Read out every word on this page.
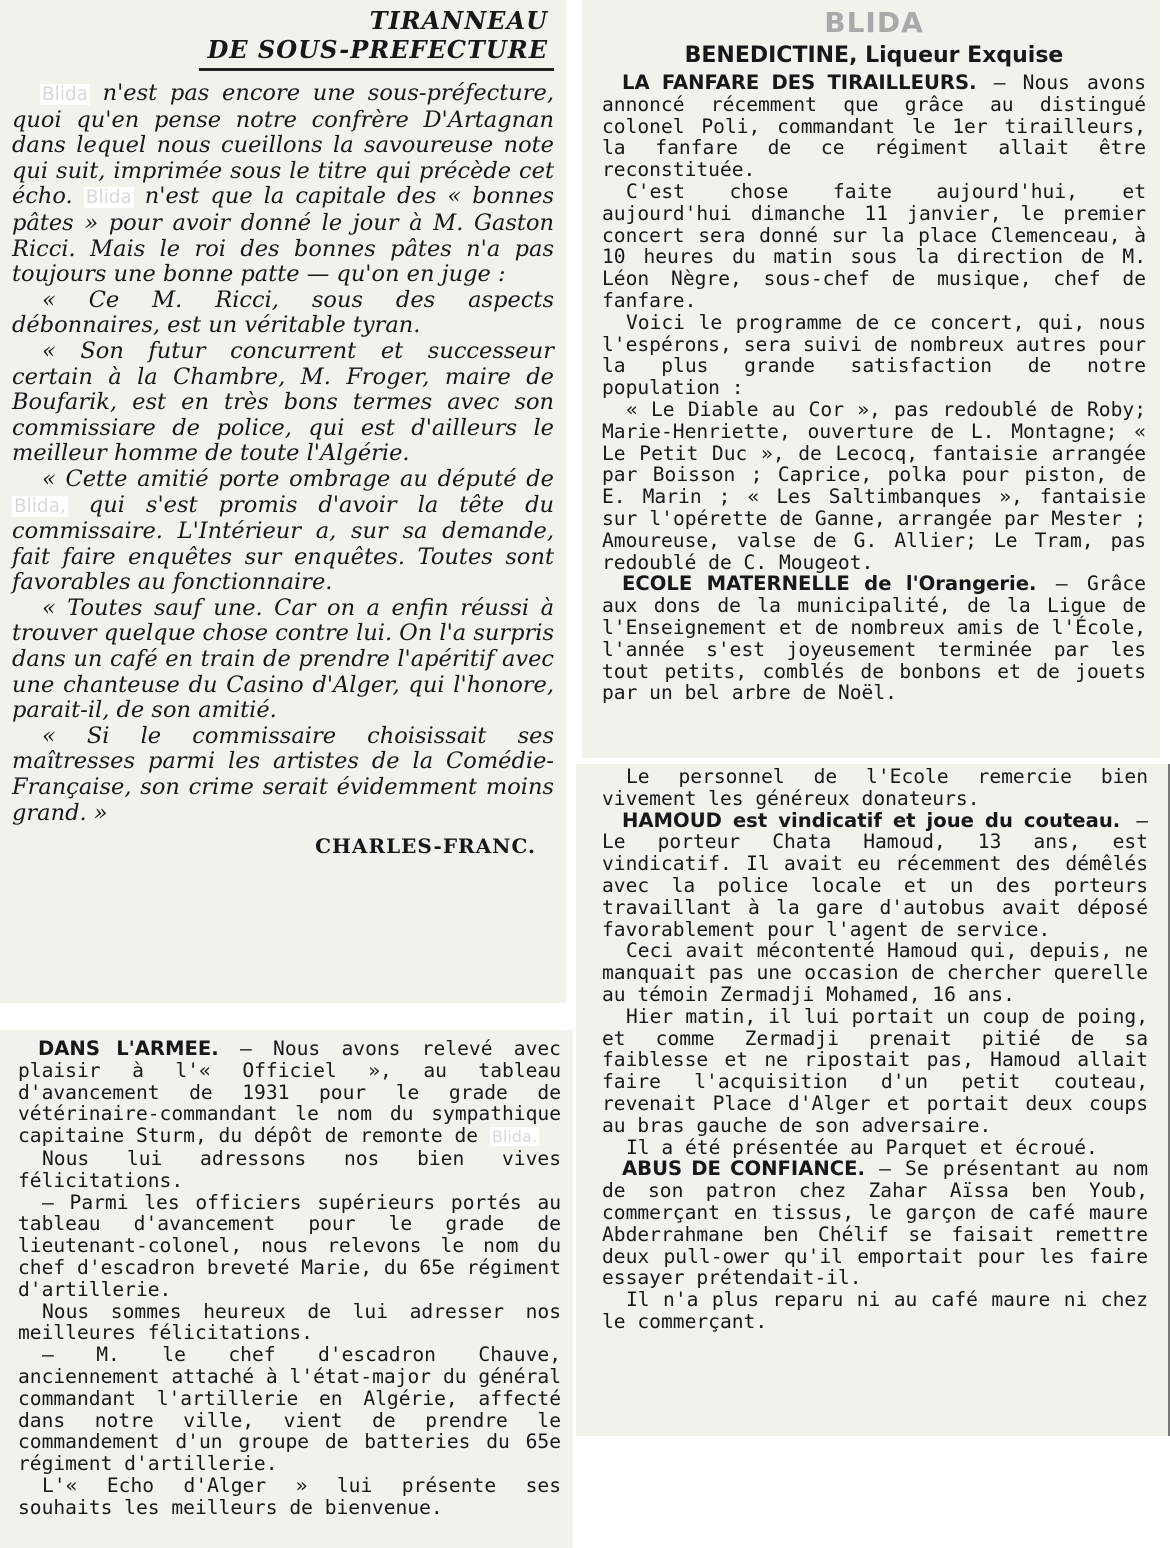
TIRANNEAU
DE SOUS-PREFECTURE

Blida n'est pas encore une sous-préfecture, quoi qu'en pense notre confrère D'Artagnan dans lequel nous cueillons la savoureuse note qui suit, imprimée sous le titre qui précède cet écho. Blida n'est que la capitale des « bonnes pâtes » pour avoir donné le jour à M. Gaston Ricci. Mais le roi des bonnes pâtes n'a pas toujours une bonne patte — qu'on en juge :

« Ce M. Ricci, sous des aspects débonnaires, est un véritable tyran.

« Son futur concurrent et successeur certain à la Chambre, M. Froger, maire de Boufarik, est en très bons termes avec son commissiare de police, qui est d'ailleurs le meilleur homme de toute l'Algérie.

« Cette amitié porte ombrage au député de Blida, qui s'est promis d'avoir la tête du commissaire. L'Intérieur a, sur sa demande, fait faire enquêtes sur enquêtes. Toutes sont favorables au fonctionnaire.

« Toutes sauf une. Car on a enfin réussi à trouver quelque chose contre lui. On l'a surpris dans un café en train de prendre l'apéritif avec une chanteuse du Casino d'Alger, qui l'honore, parait-il, de son amitié.

« Si le commissaire choisissait ses maîtresses parmi les artistes de la Comédie-Française, son crime serait évidemment moins grand. »

CHARLES-FRANC.
BLIDA
BENEDICTINE, Liqueur Exquise

LA FANFARE DES TIRAILLEURS. — Nous avons annoncé récemment que grâce au distingué colonel Poli, commandant le 1er tirailleurs, la fanfare de ce régiment allait être reconstituée.

C'est chose faite aujourd'hui, et aujourd'hui dimanche 11 janvier, le premier concert sera donné sur la place Clemenceau, à 10 heures du matin sous la direction de M. Léon Nègre, sous-chef de musique, chef de fanfare.

Voici le programme de ce concert, qui, nous l'espérons, sera suivi de nombreux autres pour la plus grande satisfaction de notre population :

« Le Diable au Cor », pas redoublé de Roby; Marie-Henriette, ouverture de L. Montagne; « Le Petit Duc », de Lecocq, fantaisie arrangée par Boisson ; Caprice, polka pour piston, de E. Marin ; « Les Saltimbanques », fantaisie sur l'opérette de Ganne, arrangée par Mester ; Amoureuse, valse de G. Allier; Le Tram, pas redoublé de C. Mougeot.

ECOLE MATERNELLE de l'Orangerie. — Grâce aux dons de la municipalité, de la Ligue de l'Enseignement et de nombreux amis de l'École, l'année s'est joyeusement terminée par les tout petits, comblés de bonbons et de jouets par un bel arbre de Noël.

Le personnel de l'Ecole remercie bien vivement les généreux donateurs.

HAMOUD est vindicatif et joue du couteau. — Le porteur Chata Hamoud, 13 ans, est vindicatif. Il avait eu récemment des démêlés avec la police locale et un des porteurs travaillant à la gare d'autobus avait déposé favorablement pour l'agent de service.

Ceci avait mécontenté Hamoud qui, depuis, ne manquait pas une occasion de chercher querelle au témoin Zermadji Mohamed, 16 ans.

Hier matin, il lui portait un coup de poing, et comme Zermadji prenait pitié de sa faiblesse et ne ripostait pas, Hamoud allait faire l'acquisition d'un petit couteau, revenait Place d'Alger et portait deux coups au bras gauche de son adversaire.

Il a été présentée au Parquet et écroué.

ABUS DE CONFIANCE. — Se présentant au nom de son patron chez Zahar Aïssa ben Youb, commerçant en tissus, le garçon de café maure Abderrahmane ben Chélif se faisait remettre deux pull-ower qu'il emportait pour les faire essayer prétendait-il.

Il n'a plus reparu ni au café maure ni chez le commerçant.

DANS L'ARMEE. — Nous avons relevé avec plaisir à l'« Officiel », au tableau d'avancement de 1931 pour le grade de vétérinaire-commandant le nom du sympathique capitaine Sturm, du dépôt de remonte de Blida.

Nous lui adressons nos bien vives félicitations.

— Parmi les officiers supérieurs portés au tableau d'avancement pour le grade de lieutenant-colonel, nous relevons le nom du chef d'escadron breveté Marie, du 65e régiment d'artillerie.

Nous sommes heureux de lui adresser nos meilleures félicitations.

— M. le chef d'escadron Chauve, anciennement attaché à l'état-major du général commandant l'artillerie en Algérie, affecté dans notre ville, vient de prendre le commandement d'un groupe de batteries du 65e régiment d'artillerie.

L'« Echo d'Alger » lui présente ses souhaits les meilleurs de bienvenue.
